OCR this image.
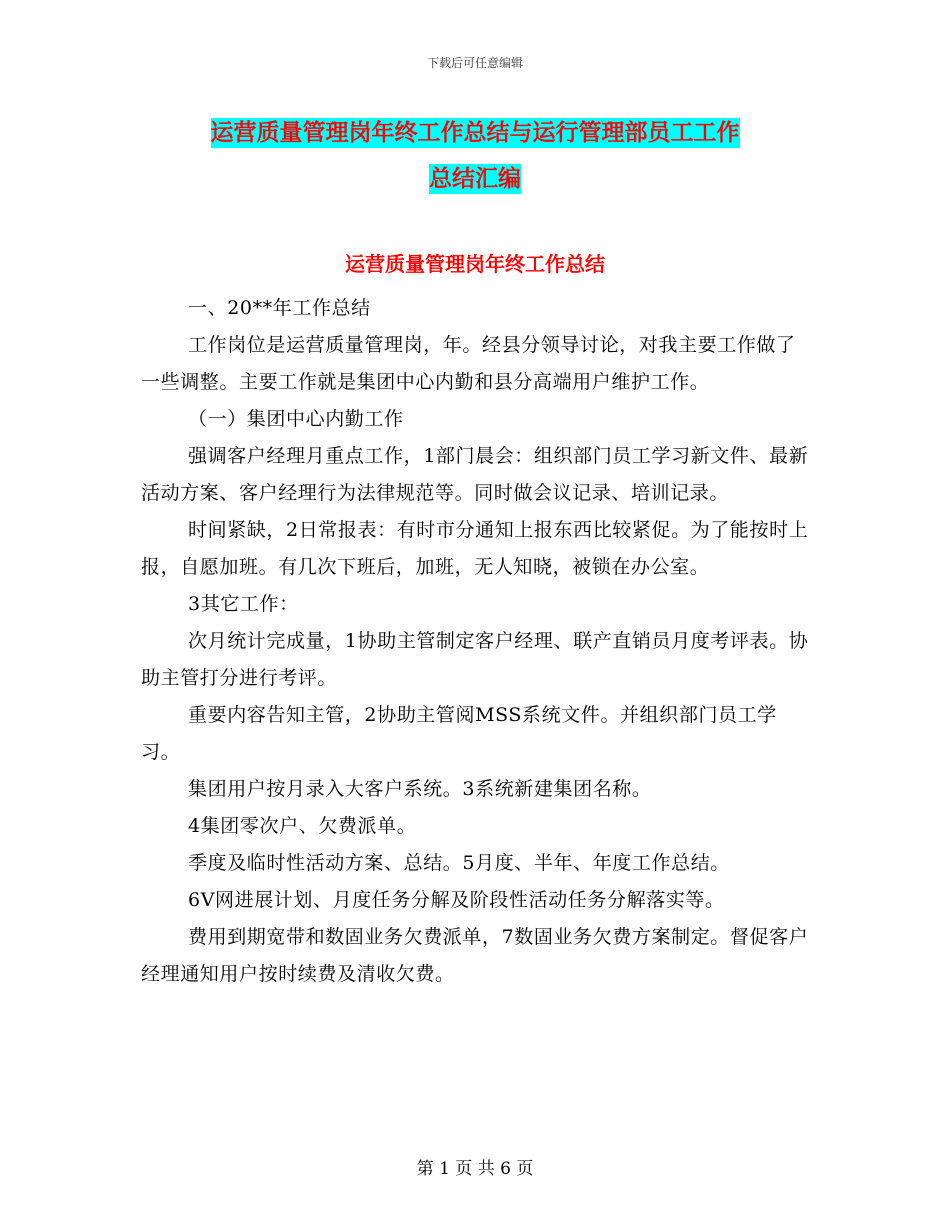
下载后可任意编辑
运营质量管理岗年终工作总结与运行管理部员工工作
总结汇编
运营质量管理岗年终工作总结

一、20**年工作总结

工作岗位是运营质量管理岗，年。经县分领导讨论，对我主要工作做了一些调整。主要工作就是集团中心内勤和县分高端用户维护工作。

（一）集团中心内勤工作

强调客户经理月重点工作，1部门晨会：组织部门员工学习新文件、最新活动方案、客户经理行为法律规范等。同时做会议记录、培训记录。

时间紧缺，2日常报表：有时市分通知上报东西比较紧促。为了能按时上报，自愿加班。有几次下班后，加班，无人知晓，被锁在办公室。

3其它工作：

次月统计完成量，1协助主管制定客户经理、联产直销员月度考评表。协助主管打分进行考评。

重要内容告知主管，2协助主管阅MSS系统文件。并组织部门员工学习。

集团用户按月录入大客户系统。3系统新建集团名称。

4集团零次户、欠费派单。

季度及临时性活动方案、总结。5月度、半年、年度工作总结。

6V网进展计划、月度任务分解及阶段性活动任务分解落实等。

费用到期宽带和数固业务欠费派单，7数固业务欠费方案制定。督促客户经理通知用户按时续费及清收欠费。

第 1 页 共 6 页
